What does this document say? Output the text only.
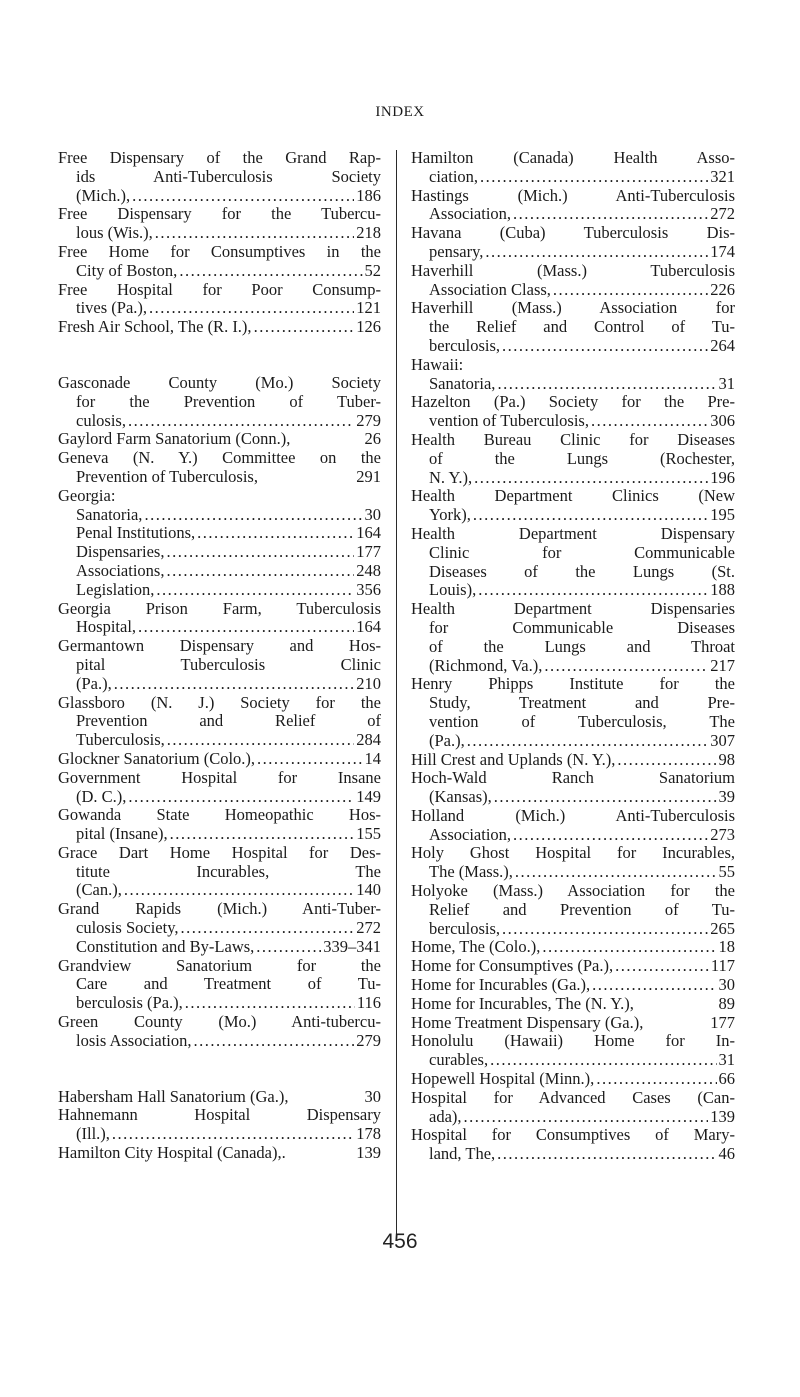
INDEX
Free Dispensary of the Grand Rap-
ids Anti-Tuberculosis Society
(Mich.), .....	186
Free Dispensary for the Tubercu-
lous (Wis.), .....	218
Free Home for Consumptives in the
City of Boston, .....	52
Free Hospital for Poor Consump-
tives (Pa.), .....	121
Fresh Air School, The (R. I.), .....	126
Gasconade County (Mo.) Society
for the Prevention of Tuber-
culosis, .....	279
Gaylord Farm Sanatorium (Conn.),	26
Geneva (N. Y.) Committee on the
Prevention of Tuberculosis,	291
Georgia:
Sanatoria, .....	30
Penal Institutions, .....	164
Dispensaries, .....	177
Associations, .....	248
Legislation, .....	356
Georgia Prison Farm, Tuberculosis
Hospital, .....	164
Germantown Dispensary and Hos-
pital Tuberculosis Clinic
(Pa.), .....	210
Glassboro (N. J.) Society for the
Prevention and Relief of
Tuberculosis, .....	284
Glockner Sanatorium (Colo.), .....	14
Government Hospital for Insane
(D. C.), .....	149
Gowanda State Homeopathic Hos-
pital (Insane), .....	155
Grace Dart Home Hospital for Des-
titute Incurables, The
(Can.), .....	140
Grand Rapids (Mich.) Anti-Tuber-
culosis Society, .....	272
Constitution and By-Laws, .....	339–341
Grandview Sanatorium for the
Care and Treatment of Tu-
berculosis (Pa.), .....	116
Green County (Mo.) Anti-tubercu-
losis Association, .....	279
Habersham Hall Sanatorium (Ga.),	30
Hahnemann Hospital Dispensary
(Ill.), .....	178
Hamilton City Hospital (Canada),.	139
Hamilton (Canada) Health Asso-
ciation, .....	321
Hastings (Mich.) Anti-Tuberculosis
Association, .....	272
Havana (Cuba) Tuberculosis Dis-
pensary, .....	174
Haverhill (Mass.) Tuberculosis
Association Class, .....	226
Haverhill (Mass.) Association for
the Relief and Control of Tu-
berculosis, .....	264
Hawaii:
Sanatoria, .....	31
Hazelton (Pa.) Society for the Pre-
vention of Tuberculosis, .....	306
Health Bureau Clinic for Diseases
of the Lungs (Rochester,
N. Y.), .....	196
Health Department Clinics (New
York), .....	195
Health Department Dispensary
Clinic for Communicable
Diseases of the Lungs (St.
Louis), .....	188
Health Department Dispensaries
for Communicable Diseases
of the Lungs and Throat
(Richmond, Va.), .....	217
Henry Phipps Institute for the
Study, Treatment and Pre-
vention of Tuberculosis, The
(Pa.), .....	307
Hill Crest and Uplands (N. Y.), .....	98
Hoch-Wald Ranch Sanatorium
(Kansas), .....	39
Holland (Mich.) Anti-Tuberculosis
Association, .....	273
Holy Ghost Hospital for Incurables,
The (Mass.), .....	55
Holyoke (Mass.) Association for the
Relief and Prevention of Tu-
berculosis, .....	265
Home, The (Colo.), .....	18
Home for Consumptives (Pa.), .....	117
Home for Incurables (Ga.), .....	30
Home for Incurables, The (N. Y.),	89
Home Treatment Dispensary (Ga.),	177
Honolulu (Hawaii) Home for In-
curables, .....	31
Hopewell Hospital (Minn.), .....	66
Hospital for Advanced Cases (Can-
ada), .....	139
Hospital for Consumptives of Mary-
land, The, .....	46
456
